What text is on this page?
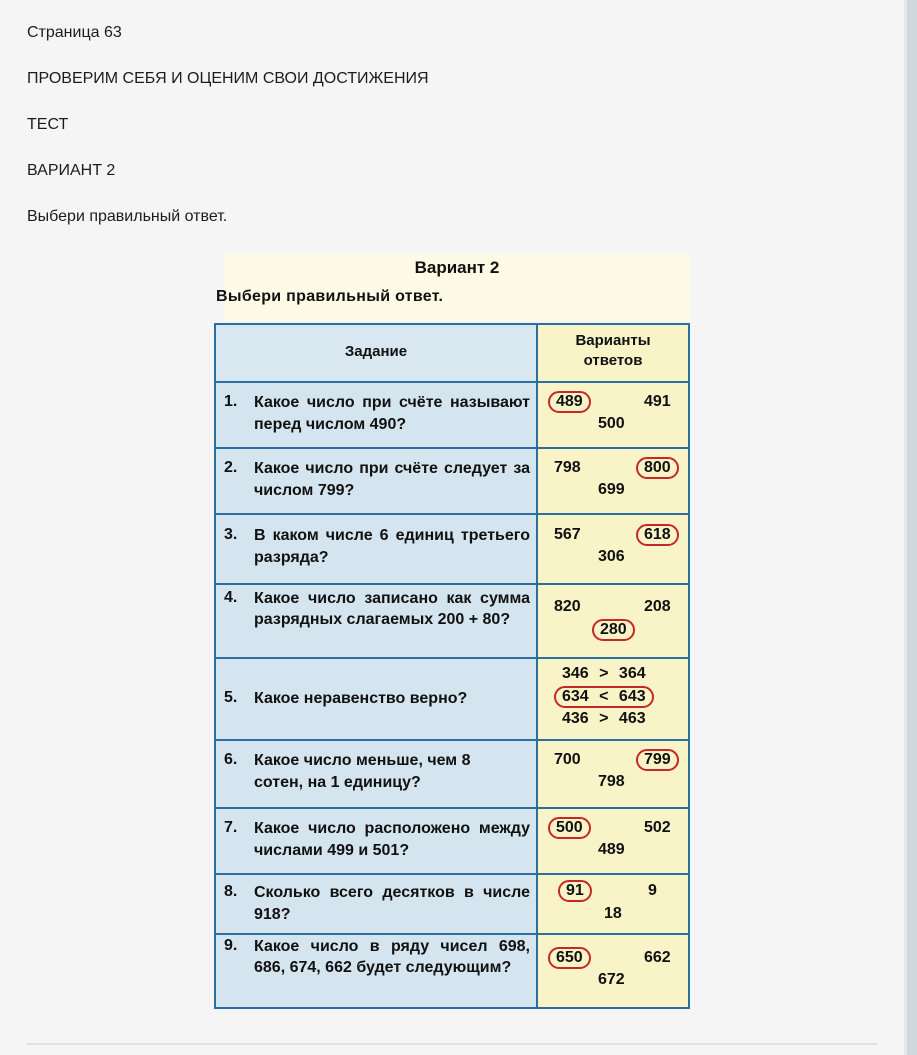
Страница 63
ПРОВЕРИМ СЕБЯ И ОЦЕНИМ СВОИ ДОСТИЖЕНИЯ
ТЕСТ
ВАРИАНТ 2
Выбери правильный ответ.
Вариант 2
Выбери правильный ответ.
Задание
Варианты
ответов
1. Какое число при счёте называют перед числом 490?
489	491
500
2. Какое число при счёте следует за числом 799?
798	800
699
3. В каком числе 6 единиц третьего разряда?
567	618
306
4. Какое число записано как сумма разрядных слагаемых 200 + 80?
820	208
280
5. Какое неравенство верно?
346 > 364
634 < 643
436 > 463
6. Какое число меньше, чем 8 сотен, на 1 единицу?
700	799
798
7. Какое число расположено между числами 499 и 501?
500	502
489
8. Сколько всего десятков в числе 918?
91	9
18
9. Какое число в ряду чисел 698, 686, 674, 662 будет следующим?
650	662
672
